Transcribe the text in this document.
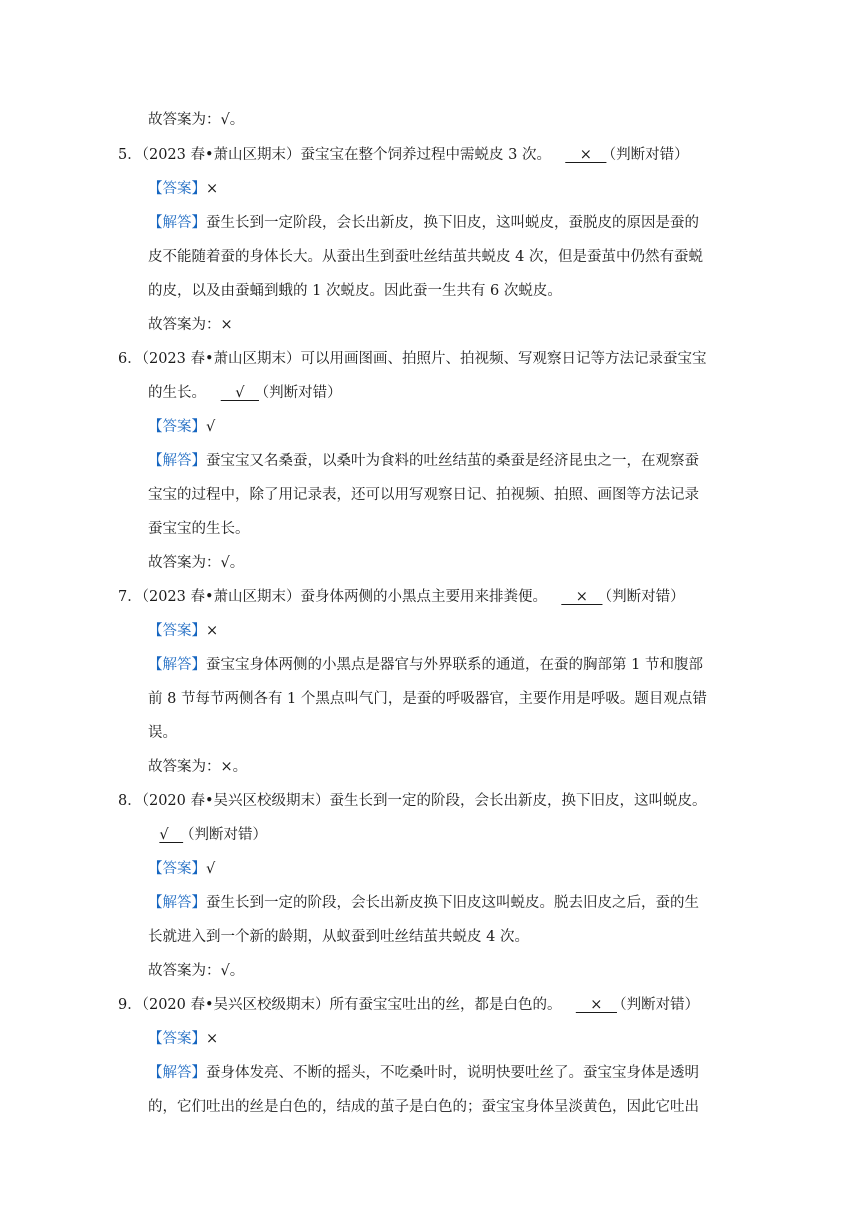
故答案为：√。
5．（2023 春•萧山区期末）蚕宝宝在整个饲养过程中需蜕皮 3 次。 　×　（判断对错）
【答案】×
【解答】蚕生长到一定阶段，会长出新皮，换下旧皮，这叫蜕皮，蚕脱皮的原因是蚕的
皮不能随着蚕的身体长大。从蚕出生到蚕吐丝结茧共蜕皮 4 次，但是蚕茧中仍然有蚕蜕
的皮，以及由蚕蛹到蛾的 1 次蜕皮。因此蚕一生共有 6 次蜕皮。
故答案为：×
6．（2023 春•萧山区期末）可以用画图画、拍照片、拍视频、写观察日记等方法记录蚕宝宝
的生长。 　√　（判断对错）
【答案】√
【解答】蚕宝宝又名桑蚕，以桑叶为食料的吐丝结茧的桑蚕是经济昆虫之一，在观察蚕
宝宝的过程中，除了用记录表，还可以用写观察日记、拍视频、拍照、画图等方法记录
蚕宝宝的生长。
故答案为：√。
7．（2023 春•萧山区期末）蚕身体两侧的小黑点主要用来排粪便。 　×　（判断对错）
【答案】×
【解答】蚕宝宝身体两侧的小黑点是器官与外界联系的通道，在蚕的胸部第 1 节和腹部
前 8 节每节两侧各有 1 个黑点叫气门，是蚕的呼吸器官，主要作用是呼吸。题目观点错
误。
故答案为：×。
8．（2020 春•吴兴区校级期末）蚕生长到一定的阶段，会长出新皮，换下旧皮，这叫蜕皮。
√　（判断对错）
【答案】√
【解答】蚕生长到一定的阶段，会长出新皮换下旧皮这叫蜕皮。脱去旧皮之后，蚕的生
长就进入到一个新的龄期，从蚁蚕到吐丝结茧共蜕皮 4 次。
故答案为：√。
9．（2020 春•吴兴区校级期末）所有蚕宝宝吐出的丝，都是白色的。 　×　（判断对错）
【答案】×
【解答】蚕身体发亮、不断的摇头，不吃桑叶时，说明快要吐丝了。蚕宝宝身体是透明
的，它们吐出的丝是白色的，结成的茧子是白色的；蚕宝宝身体呈淡黄色，因此它吐出
